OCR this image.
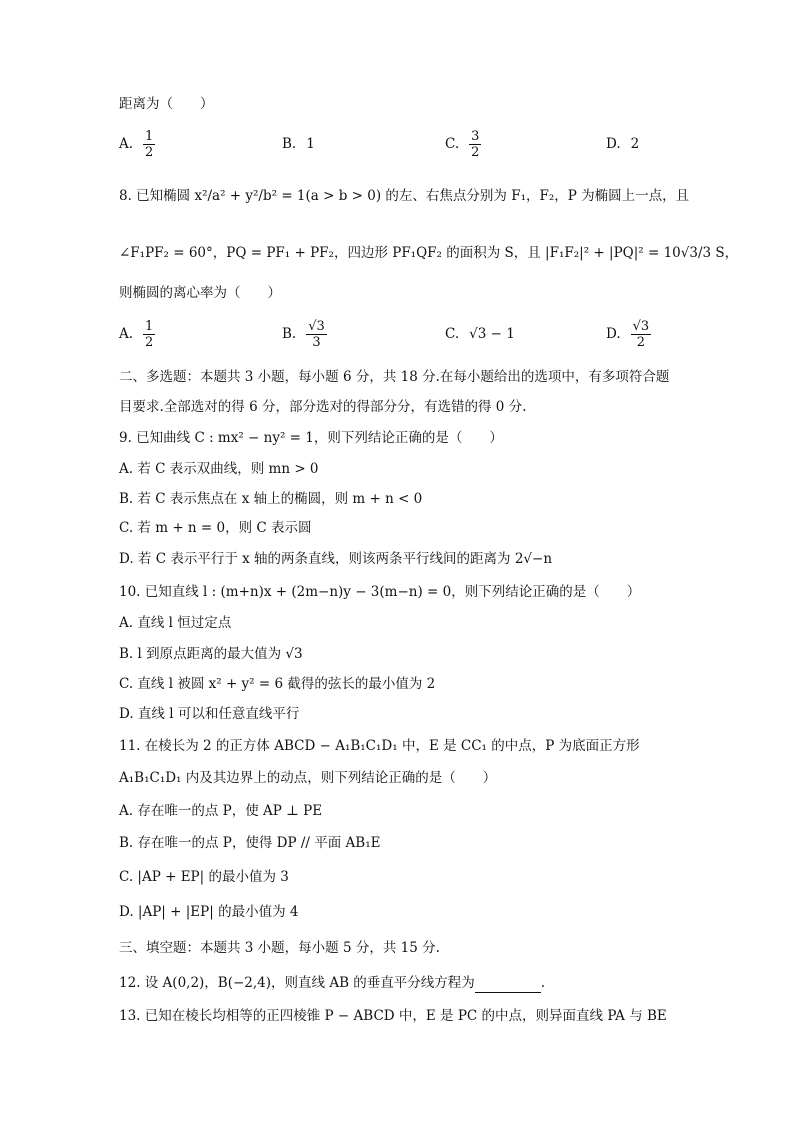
距离为（　　）
A. $\frac{1}{2}$	B. 1	C. $\frac{3}{2}$	D. 2
8. 已知椭圆 x²/a² + y²/b² = 1(a > b > 0) 的左、右焦点分别为 F₁，F₂，P 为椭圆上一点，且
∠F₁PF₂ = 60°，PQ = PF₁ + PF₂，四边形 PF₁QF₂ 的面积为 S，且 |F₁F₂|² + |PQ|² = 10√3/3 S，
则椭圆的离心率为（　　）
A. $\frac{1}{2}$	B. $\frac{√3}{3}$	C. √3 − 1	D. $\frac{√3}{2}$
二、多选题：本题共 3 小题，每小题 6 分，共 18 分.在每小题给出的选项中，有多项符合题
目要求.全部选对的得 6 分，部分选对的得部分分，有选错的得 0 分.
9. 已知曲线 C : mx² − ny² = 1，则下列结论正确的是（　　）
A. 若 C 表示双曲线，则 mn > 0
B. 若 C 表示焦点在 x 轴上的椭圆，则 m + n < 0
C. 若 m + n = 0，则 C 表示圆
D. 若 C 表示平行于 x 轴的两条直线，则该两条平行线间的距离为 2√−n
10. 已知直线 l : (m+n)x + (2m−n)y − 3(m−n) = 0，则下列结论正确的是（　　）
A. 直线 l 恒过定点
B. l 到原点距离的最大值为 √3
C. 直线 l 被圆 x² + y² = 6 截得的弦长的最小值为 2
D. 直线 l 可以和任意直线平行
11. 在棱长为 2 的正方体 ABCD − A₁B₁C₁D₁ 中，E 是 CC₁ 的中点，P 为底面正方形
A₁B₁C₁D₁ 内及其边界上的动点，则下列结论正确的是（　　）
A. 存在唯一的点 P，使 AP ⊥ PE
B. 存在唯一的点 P，使得 DP // 平面 AB₁E
C. |AP + EP| 的最小值为 3
D. |AP| + |EP| 的最小值为 4
三、填空题：本题共 3 小题，每小题 5 分，共 15 分.
12. 设 A(0,2)，B(−2,4)，则直线 AB 的垂直平分线方程为	.
13. 已知在棱长均相等的正四棱锥 P − ABCD 中，E 是 PC 的中点，则异面直线 PA 与 BE
